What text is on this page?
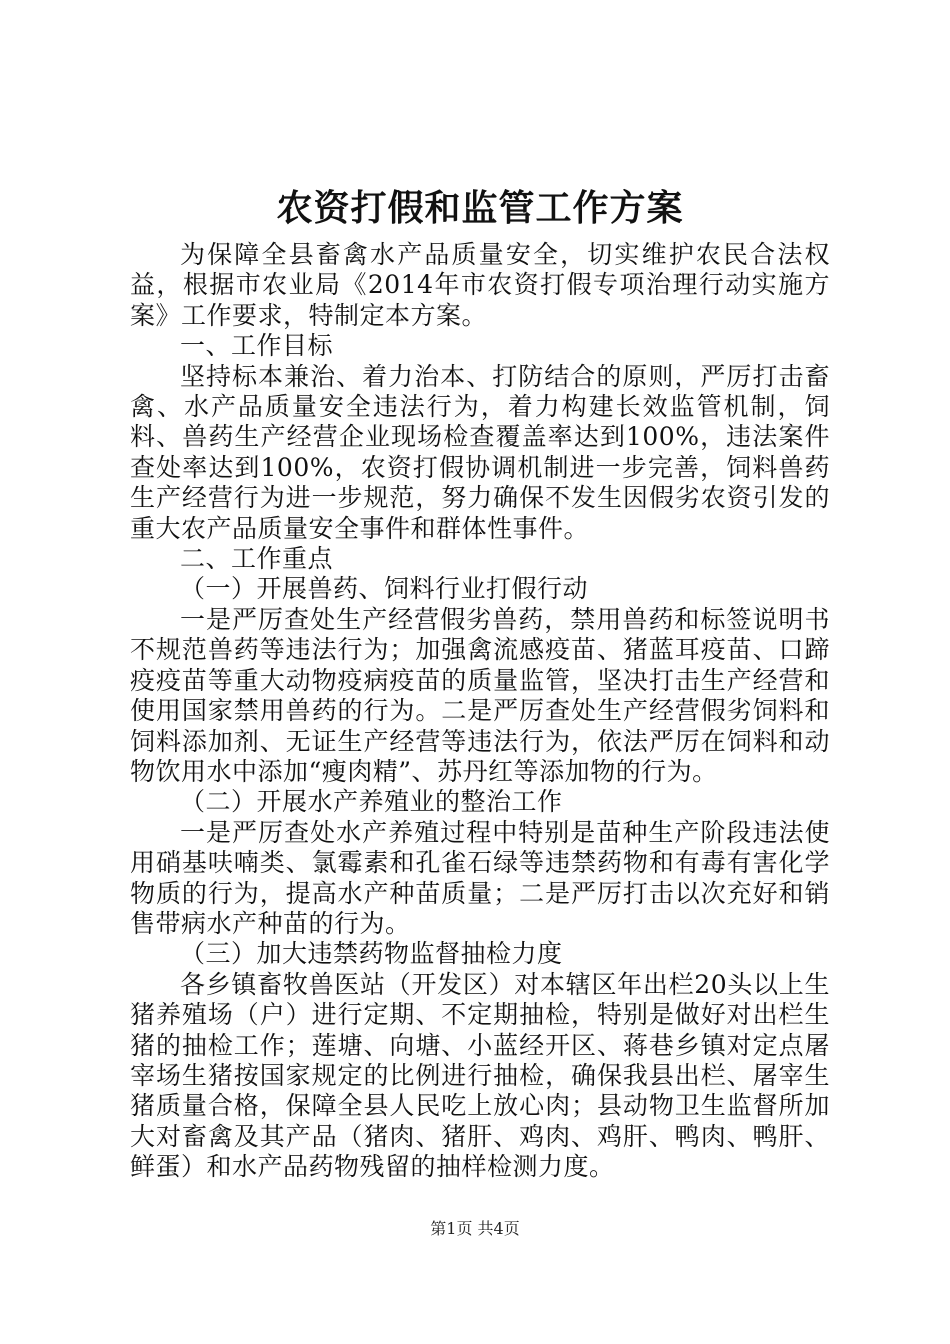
农资打假和监管工作方案

为保障全县畜禽水产品质量安全，切实维护农民合法权益，根据市农业局《2014年市农资打假专项治理行动实施方案》工作要求，特制定本方案。

一、工作目标

坚持标本兼治、着力治本、打防结合的原则，严厉打击畜禽、水产品质量安全违法行为，着力构建长效监管机制，饲料、兽药生产经营企业现场检查覆盖率达到100%，违法案件查处率达到100%，农资打假协调机制进一步完善，饲料兽药生产经营行为进一步规范，努力确保不发生因假劣农资引发的重大农产品质量安全事件和群体性事件。

二、工作重点

（一）开展兽药、饲料行业打假行动

一是严厉查处生产经营假劣兽药，禁用兽药和标签说明书不规范兽药等违法行为；加强禽流感疫苗、猪蓝耳疫苗、口蹄疫疫苗等重大动物疫病疫苗的质量监管，坚决打击生产经营和使用国家禁用兽药的行为。二是严厉查处生产经营假劣饲料和饲料添加剂、无证生产经营等违法行为，依法严厉在饲料和动物饮用水中添加“瘦肉精”、苏丹红等添加物的行为。

（二）开展水产养殖业的整治工作

一是严厉查处水产养殖过程中特别是苗种生产阶段违法使用硝基呋喃类、氯霉素和孔雀石绿等违禁药物和有毒有害化学物质的行为，提高水产种苗质量；二是严厉打击以次充好和销售带病水产种苗的行为。

（三）加大违禁药物监督抽检力度

各乡镇畜牧兽医站（开发区）对本辖区年出栏20头以上生猪养殖场（户）进行定期、不定期抽检，特别是做好对出栏生猪的抽检工作；莲塘、向塘、小蓝经开区、蒋巷乡镇对定点屠宰场生猪按国家规定的比例进行抽检，确保我县出栏、屠宰生猪质量合格，保障全县人民吃上放心肉；县动物卫生监督所加大对畜禽及其产品（猪肉、猪肝、鸡肉、鸡肝、鸭肉、鸭肝、鲜蛋）和水产品药物残留的抽样检测力度。

第1页 共4页
